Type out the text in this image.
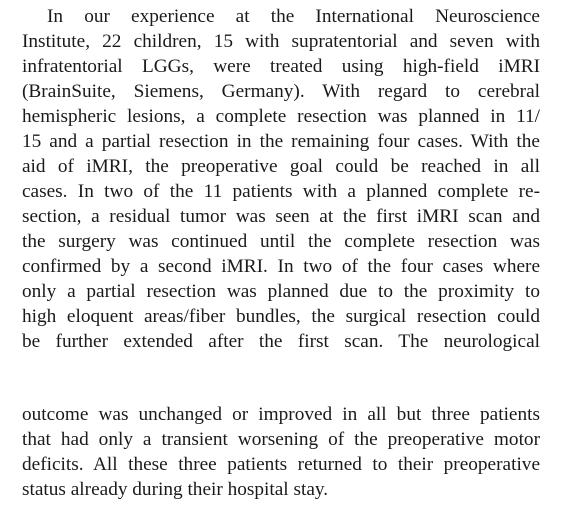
In our experience at the International Neuroscience

Institute, 22 children, 15 with supratentorial and seven with

infratentorial LGGs, were treated using high-field iMRI

(BrainSuite, Siemens, Germany). With regard to cerebral

hemispheric lesions, a complete resection was planned in 11/

15 and a partial resection in the remaining four cases. With the

aid of iMRI, the preoperative goal could be reached in all

cases. In two of the 11 patients with a planned complete re-

section, a residual tumor was seen at the first iMRI scan and

the surgery was continued until the complete resection was

confirmed by a second iMRI. In two of the four cases where

only a partial resection was planned due to the proximity to

high eloquent areas/fiber bundles, the surgical resection could

be further extended after the first scan. The neurological

outcome was unchanged or improved in all but three patients

that had only a transient worsening of the preoperative motor

deficits. All these three patients returned to their preoperative

status already during their hospital stay.
